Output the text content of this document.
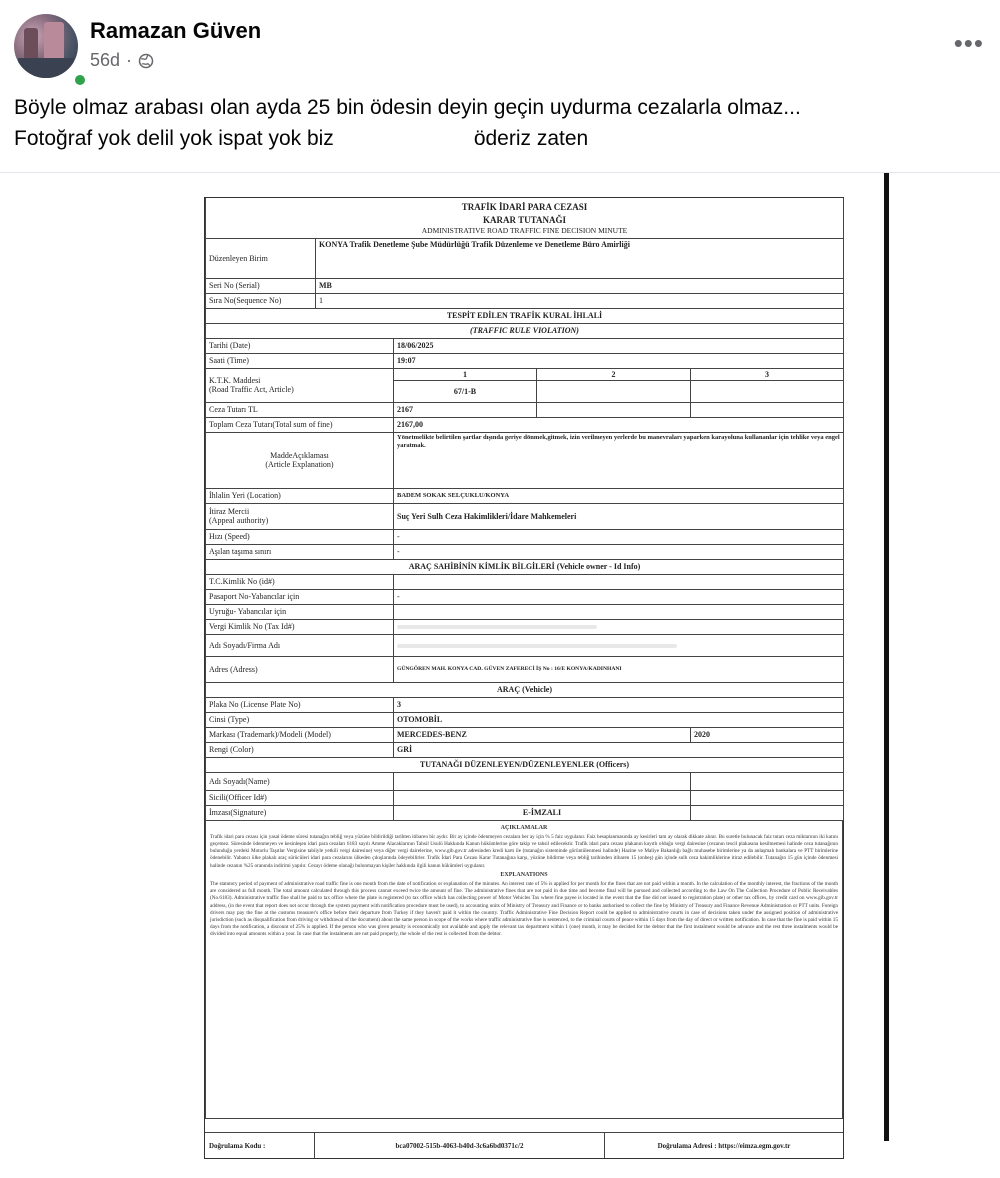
Ramazan Güven
56d ·
•••
Böyle olmaz arabası olan ayda 25 bin ödesin deyin geçin uydurma cezalarla olmaz...
Fotoğraf yok delil yok ispat yok biz	öderiz zaten
TRAFİK İDARİ PARA CEZASI
KARAR TUTANAĞI
ADMINISTRATIVE ROAD TRAFFIC FINE DECISION MINUTE				

Düzenleyen Birim	KONYA Trafik Denetleme Şube Müdürlüğü Trafik Düzenleme ve Denetleme Büro Amirliği			
Seri No (Serial)	MB			
Sıra No(Sequence No)	1			
TESPİT EDİLEN TRAFİK KURAL İHLALİ				
(TRAFFIC RULE VIOLATION)				
Tarihi (Date)		18/06/2025		
Saati (Time)		19:07		

K.T.K. Maddesi
(Road Traffic Act, Article)		1	2	3
		67/1-B		
Ceza Tutarı TL		2167		
Toplam Ceza Tutarı(Total sum of fine)		2167,00		

MaddeAçıklaması
(Article Explanation)		Yönetmelikte belirtilen şartlar dışında geriye dönmek,gitmek, izin verilmeyen yerlerde bu manevraları yaparken karayoluna kullananlar için tehlike veya engel yaratmak.		
İhlalin Yeri (Location)		BADEM SOKAK SELÇUKLU/KONYA		

İtiraz Mercii
(Appeal authority)		Suç Yeri Sulh Ceza Hakimlikleri/İdare Mahkemeleri		
Hızı (Speed)		-		
Aşılan taşıma sınırı		-		
ARAÇ SAHİBİNİN KİMLİK BİLGİLERİ (Vehicle owner - Id Info)				
T.C.Kimlik No (id#)				
Pasaport No-Yabancılar için		-		
Uyruğu- Yabancılar için				
Vergi Kimlik No (Tax Id#)				
Adı Soyadı/Firma Adı				
Adres (Adress)		GÜNGÖREN MAH. KONYA CAD. GÜVEN ZAFERECİ İŞ No : 16/E KONYA/KADINHANI		
ARAÇ (Vehicle)				
Plaka No (License Plate No)		3		
Cinsi (Type)		OTOMOBİL		
Markası (Trademark)/Modeli (Model)		MERCEDES-BENZ		2020
Rengi (Color)		GRİ		
TUTANAĞI DÜZENLEYEN/DÜZENLEYENLER (Officers)				
Adı Soyadı(Name)				
Sicili(Officer Id#)				
İmzası(Signature)		E-İMZALI		
AÇIKLAMALAR
Trafik idari para cezası için yasal ödeme süresi tutanağın tebliğ veya yüzüne bildirildiği tarihten itibaren bir aydır. Bir ay içinde ödenmeyen cezalara her ay için % 5 faiz uygulanır. Faiz hesaplanmasında ay kesirleri tam ay olarak dikkate alınır. Bu suretle bulunacak faiz tutarı ceza miktarının iki katını geçemez. Süresinde ödenmeyen ve kesinleşen idari para cezaları 6183 sayılı Amme Alacaklarının Tahsil Usulü Hakkında Kanun hükümlerine göre takip ve tahsil edilecektir. Trafik idari para cezası plakanın kayıtlı olduğu vergi dairesine (cezanın tescil plakasına kesilmemesi halinde ceza tutanağının bulunduğu yerdeki Motorlu Taşıtlar Vergisine tabiiyle yetkili vergi dairesine) veya diğer vergi dairelerine, www.gib.gov.tr adresinden kredi kartı ile (tutanağın sisteminde görüntülenmesi halinde) Hazine ve Maliye Bakanlığı bağlı muhasebe birimlerine ya da anlaşmalı bankalara ve PTT birimlerine ödenebilir. Yabancı ülke plakalı araç sürücüleri idari para cezalarını ülkeden çıkışlarında ödeyebilirler. Trafik İdari Para Cezası Karar Tutanağına karşı, yüzüne bildirme veya tebliğ tarihinden itibaren 15 (onbeş) gün içinde sulh ceza hakimliklerine itiraz edilebilir. Tutanağın 15 gün içinde ödenmesi halinde cezanın %25 oranında indirimi yapılır. Cezayı ödeme olanağı bulunmayan kişiler hakkında ilgili kanun hükümleri uygulanır.
EXPLANATIONS
The statutory period of payment of administrative road traffic fine is one month from the date of notification or explanation of the minutes. An interest rate of 5% is applied for per month for the fines that are not paid within a month. In the calculation of the monthly interest, the fractions of the month are considered as full month. The total amount calculated through this process cannot exceed twice the amount of fine. The administrative fines that are not paid in due time and become final will be pursued and collected according to the Law On The Collection Procedure of Public Receivables (No.6183). Administrative traffic fine shall be paid to tax office where the plate is registered (to tax office which has collecting power of Motor Vehicles Tax where fine payee is located in the event that the fine did not issued to registration plate) or other tax offices, by credit card on www.gib.gov.tr address, (in the event that report does not occur through the system payment with notification procedure must be used), to accounting units of Ministry of Treasury and Finance or to banks authorised to collect the fine by Ministry of Treasury and Finance Revenue Administration or PTT units. Foreign drivers may pay the fine at the customs treasurer's office before their departure from Turkey if they haven't paid it within the country. Traffic Administrative Fine Decision Report could be applied to administrative courts in case of decisions taken under the assigned position of administrative jurisdiction (such as disqualification from driving or withdrawal of the document) about the same person in scope of the works where traffic administrative fine is sentenced, to the criminal courts of peace within 15 days from the day of direct or written notification. In case that the fine is paid within 15 days from the notification, a discount of 25% is applied. If the person who was given penalty is economically not available and apply the relevant tax department within 1 (one) month, it may be decided for the debtor that the first instalment would be advance and the rest three instalments would be divided into equal amounts within a year. In case that the instalments are not paid properly, the whole of the rest is collected from the debtor.
Doğrulama Kodu :	bca07002-515b-4063-b40d-3c6a6bd0371c/2	Doğrulama Adresi : https://eimza.egm.gov.tr
